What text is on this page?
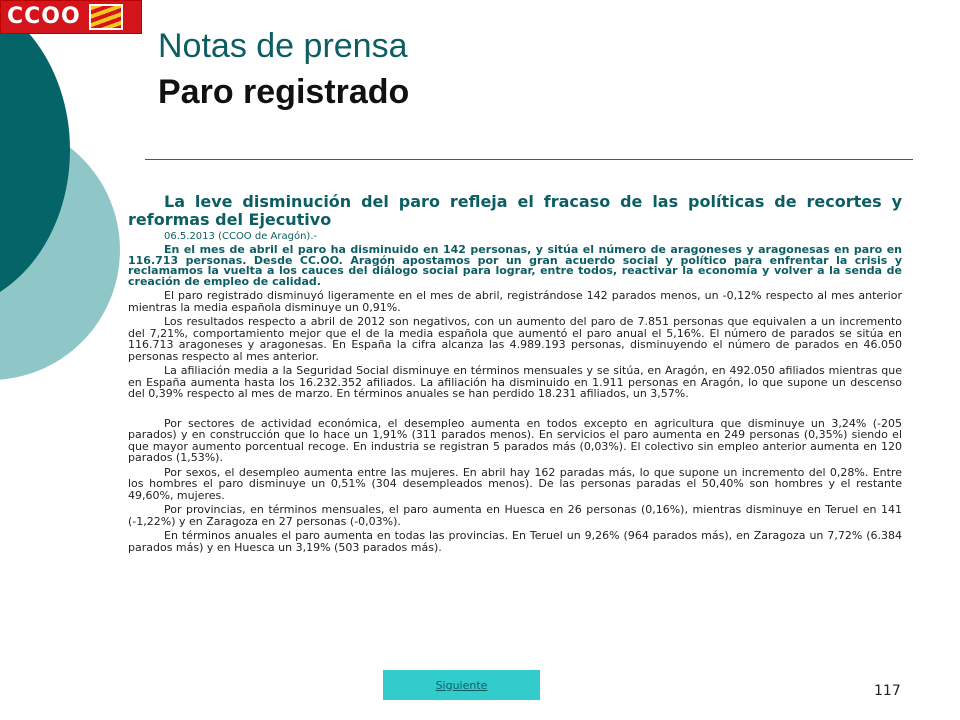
CCOO
Notas de prensa
Paro registrado

La leve disminución del paro refleja el fracaso de las políticas de recortes y reformas del Ejecutivo

06.5.2013 (CCOO de Aragón).-

En el mes de abril el paro ha disminuido en 142 personas, y sitúa el número de aragoneses y aragonesas en paro en 116.713 personas. Desde CC.OO. Aragón apostamos por un gran acuerdo social y político para enfrentar la crisis y reclamamos la vuelta a los cauces del diálogo social para lograr, entre todos, reactivar la economía y volver a la senda de creación de empleo de calidad.

El paro registrado disminuyó ligeramente en el mes de abril, registrándose 142 parados menos, un -0,12% respecto al mes anterior mientras la media española disminuye un 0,91%.

Los resultados respecto a abril de 2012 son negativos, con un aumento del paro de 7.851 personas que equivalen a un incremento del 7,21%, comportamiento mejor que el de la media española que aumentó el paro anual el 5,16%. El número de parados se sitúa en 116.713 aragoneses y aragonesas. En España la cifra alcanza las 4.989.193 personas, disminuyendo el número de parados en 46.050 personas respecto al mes anterior.

La afiliación media a la Seguridad Social disminuye en términos mensuales y se sitúa, en Aragón, en 492.050 afiliados mientras que en España aumenta hasta los 16.232.352 afiliados. La afiliación ha disminuido en 1.911 personas en Aragón, lo que supone un descenso del 0,39% respecto al mes de marzo. En términos anuales se han perdido 18.231 afiliados, un 3,57%.

Por sectores de actividad económica, el desempleo aumenta en todos excepto en agricultura que disminuye un 3,24% (-205 parados) y en construcción que lo hace un 1,91% (311 parados menos). En servicios el paro aumenta en 249 personas (0,35%) siendo el que mayor aumento porcentual recoge. En industria se registran 5 parados más (0,03%). El colectivo sin empleo anterior aumenta en 120 parados (1,53%).

Por sexos, el desempleo aumenta entre las mujeres. En abril hay 162 paradas más, lo que supone un incremento del 0,28%. Entre los hombres el paro disminuye un 0,51% (304 desempleados menos). De las personas paradas el 50,40% son hombres y el restante 49,60%, mujeres.

Por provincias, en términos mensuales, el paro aumenta en Huesca en 26 personas (0,16%), mientras disminuye en Teruel en 141 (-1,22%) y en Zaragoza en 27 personas (-0,03%).

En términos anuales el paro aumenta en todas las provincias. En Teruel un 9,26% (964 parados más), en Zaragoza un 7,72% (6.384 parados más) y en Huesca un 3,19% (503 parados más).

Siguiente	117
